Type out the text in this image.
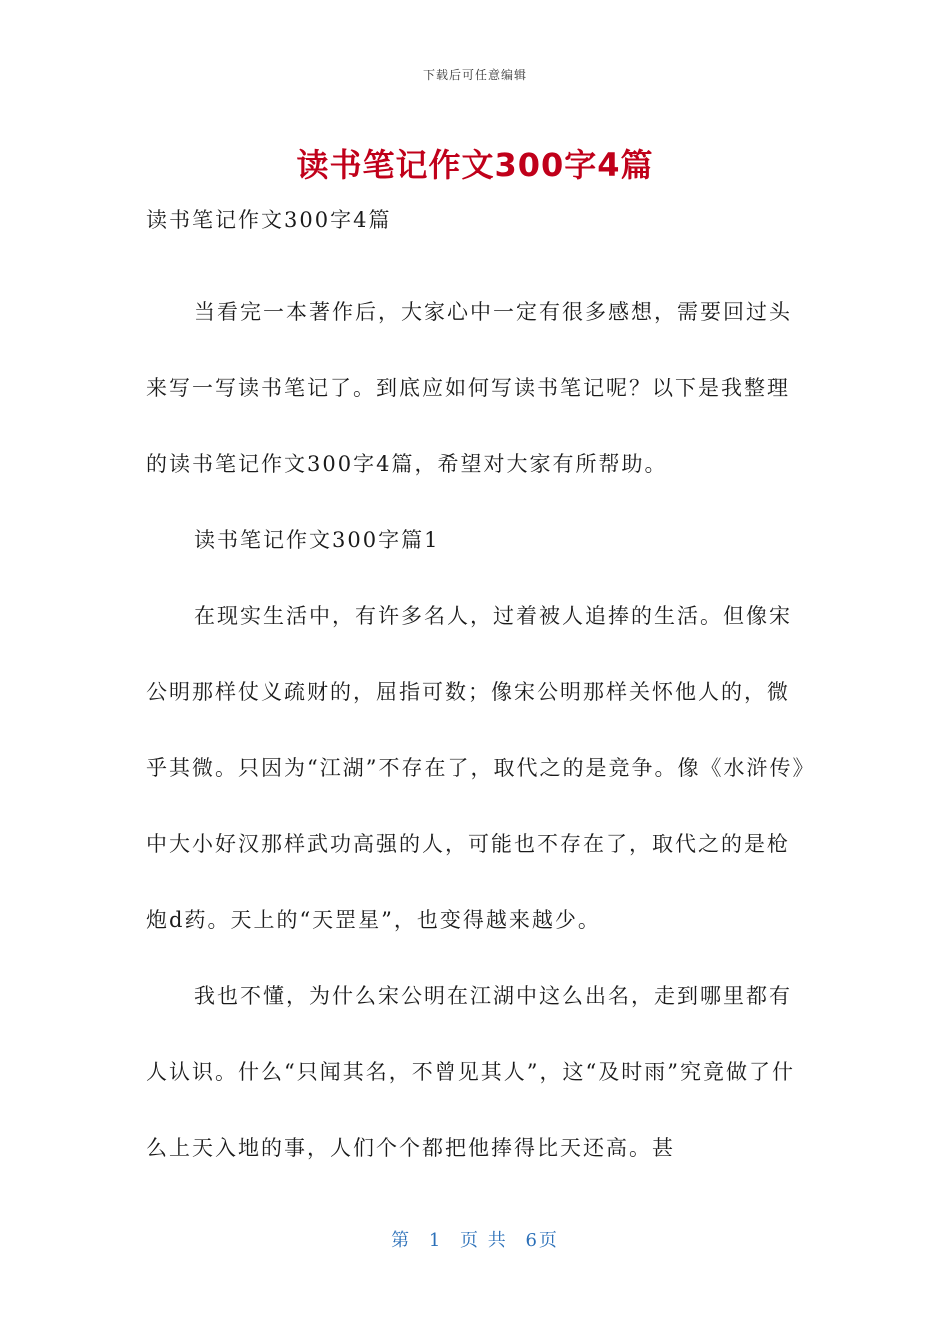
下载后可任意编辑
读书笔记作文300字4篇

读书笔记作文300字4篇

当看完一本著作后，大家心中一定有很多感想，需要回过头来写一写读书笔记了。到底应如何写读书笔记呢？以下是我整理的读书笔记作文300字4篇，希望对大家有所帮助。

读书笔记作文300字篇1

在现实生活中，有许多名人，过着被人追捧的生活。但像宋公明那样仗义疏财的，屈指可数；像宋公明那样关怀他人的，微乎其微。只因为“江湖”不存在了，取代之的是竞争。像《水浒传》中大小好汉那样武功高强的人，可能也不存在了，取代之的是枪炮d药。天上的“天罡星”，也变得越来越少。

我也不懂，为什么宋公明在江湖中这么出名，走到哪里都有人认识。什么“只闻其名，不曾见其人”，这“及时雨”究竟做了什么上天入地的事，人们个个都把他捧得比天还高。甚

第 1 页 共 6页
